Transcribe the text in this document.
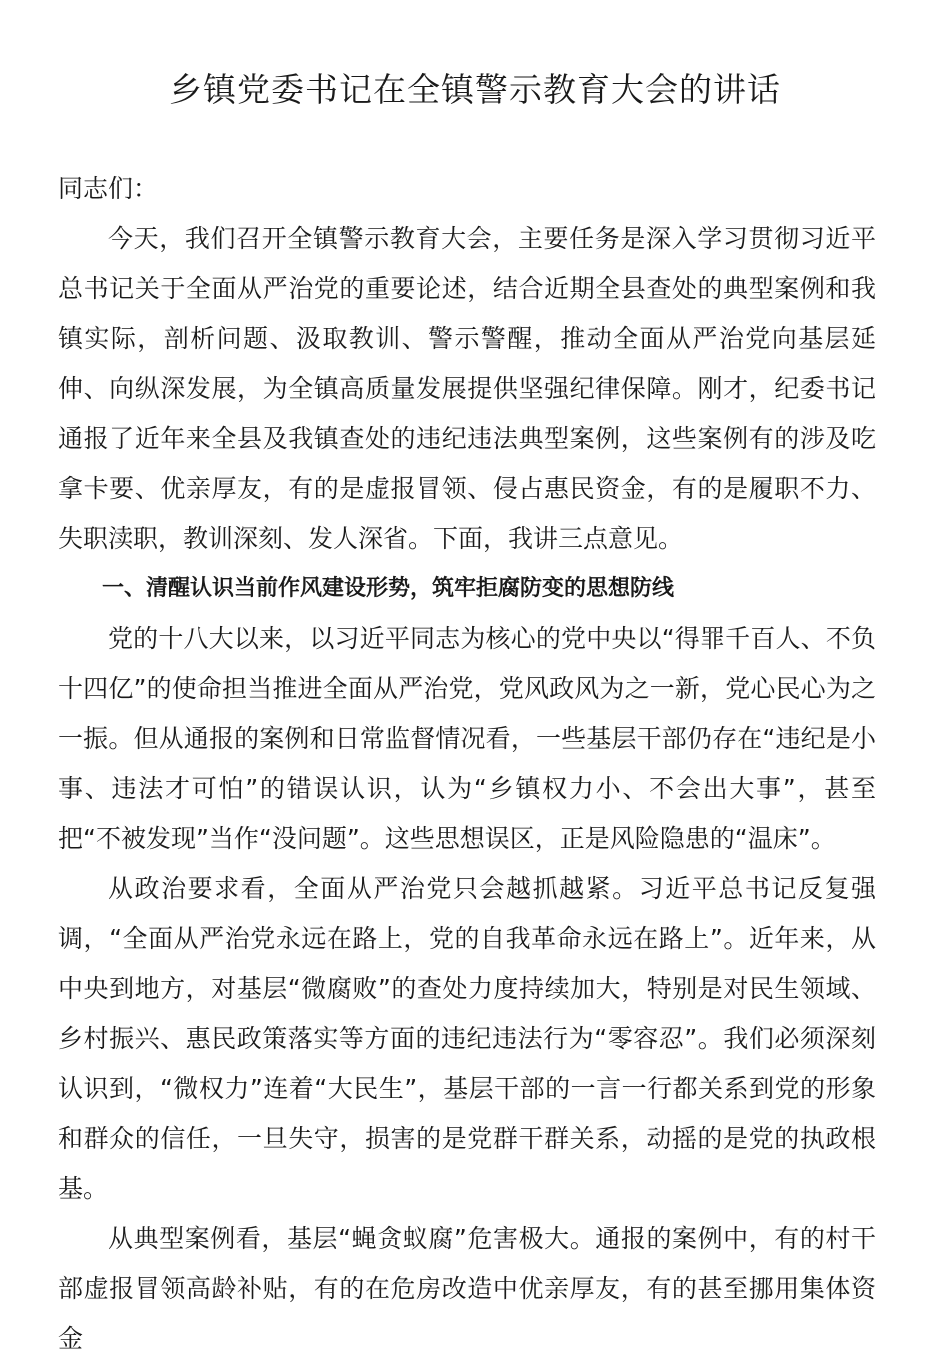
乡镇党委书记在全镇警示教育大会的讲话

同志们：

今天，我们召开全镇警示教育大会，主要任务是深入学习贯彻习近平总书记关于全面从严治党的重要论述，结合近期全县查处的典型案例和我镇实际，剖析问题、汲取教训、警示警醒，推动全面从严治党向基层延伸、向纵深发展，为全镇高质量发展提供坚强纪律保障。刚才，纪委书记通报了近年来全县及我镇查处的违纪违法典型案例，这些案例有的涉及吃拿卡要、优亲厚友，有的是虚报冒领、侵占惠民资金，有的是履职不力、失职渎职，教训深刻、发人深省。下面，我讲三点意见。

一、清醒认识当前作风建设形势，筑牢拒腐防变的思想防线

党的十八大以来，以习近平同志为核心的党中央以“得罪千百人、不负十四亿”的使命担当推进全面从严治党，党风政风为之一新，党心民心为之一振。但从通报的案例和日常监督情况看，一些基层干部仍存在“违纪是小事、违法才可怕”的错误认识，认为“乡镇权力小、不会出大事”，甚至把“不被发现”当作“没问题”。这些思想误区，正是风险隐患的“温床”。

从政治要求看，全面从严治党只会越抓越紧。习近平总书记反复强调，“全面从严治党永远在路上，党的自我革命永远在路上”。近年来，从中央到地方，对基层“微腐败”的查处力度持续加大，特别是对民生领域、乡村振兴、惠民政策落实等方面的违纪违法行为“零容忍”。我们必须深刻认识到，“微权力”连着“大民生”，基层干部的一言一行都关系到党的形象和群众的信任，一旦失守，损害的是党群干群关系，动摇的是党的执政根基。

从典型案例看，基层“蝇贪蚁腐”危害极大。通报的案例中，有的村干部虚报冒领高龄补贴，有的在危房改造中优亲厚友，有的甚至挪用集体资金
